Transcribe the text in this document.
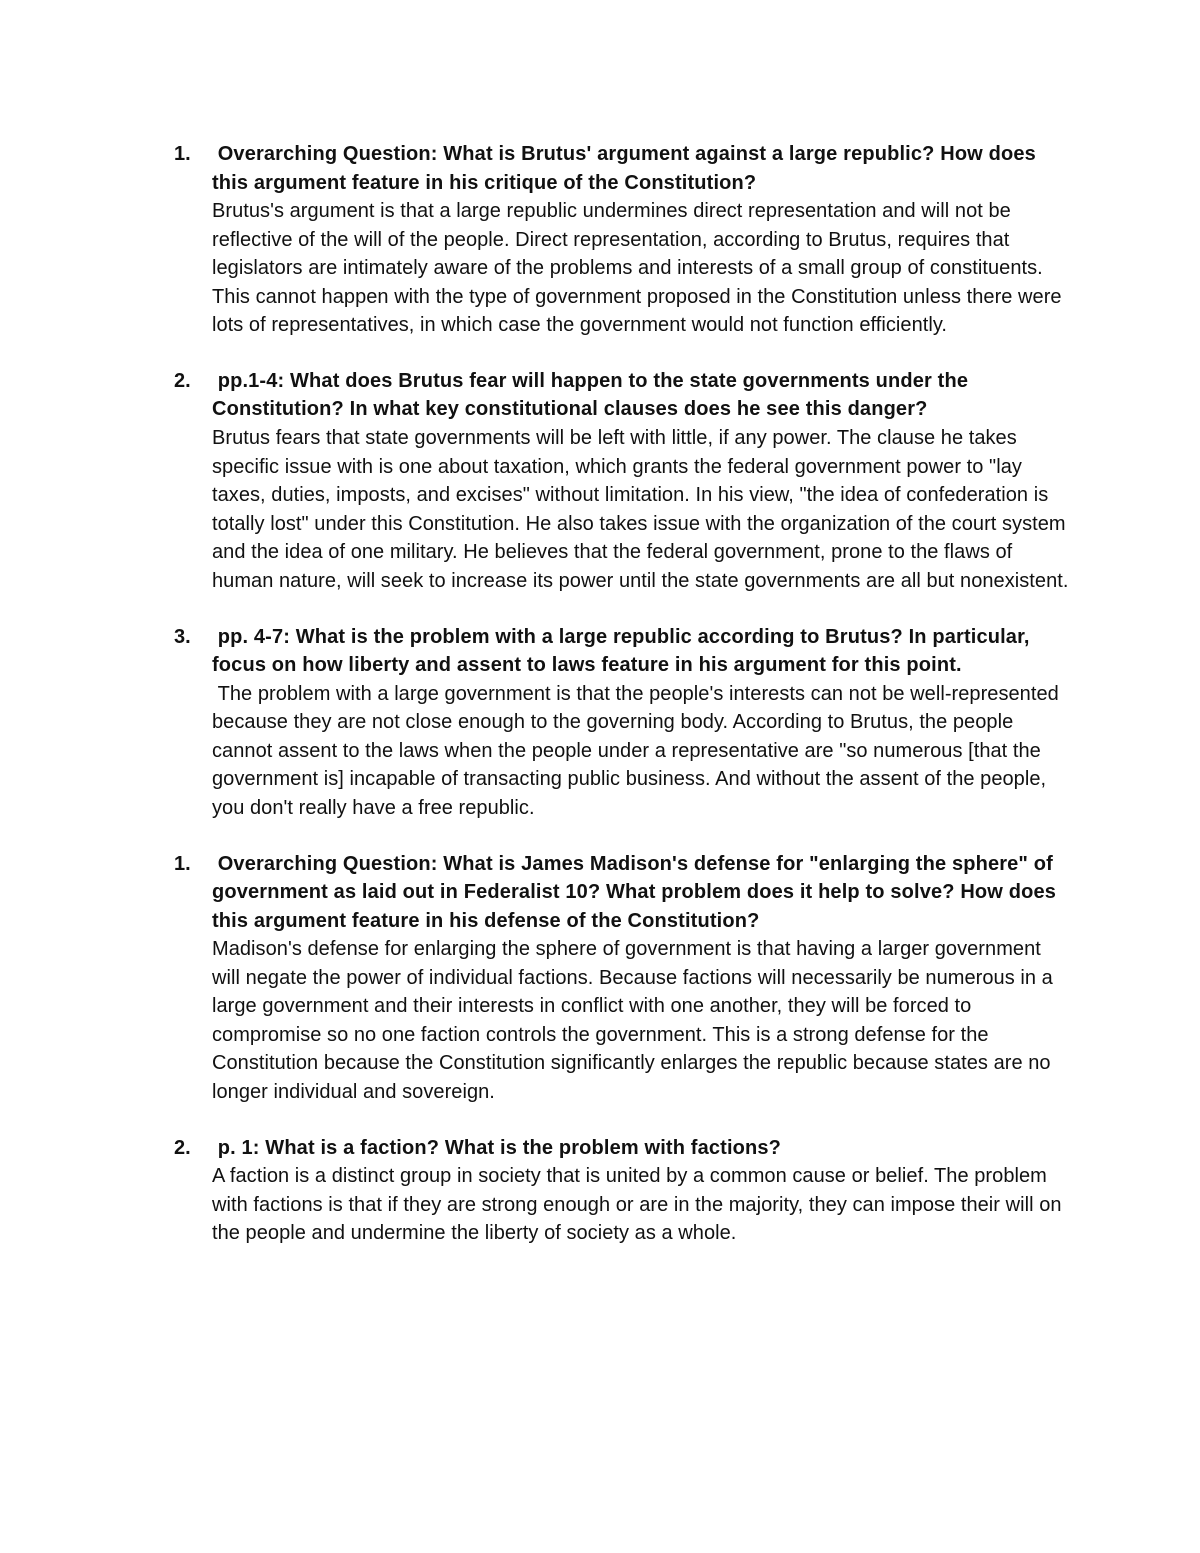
1. Overarching Question: What is Brutus' argument against a large republic? How does this argument feature in his critique of the Constitution?
Brutus's argument is that a large republic undermines direct representation and will not be reflective of the will of the people. Direct representation, according to Brutus, requires that legislators are intimately aware of the problems and interests of a small group of constituents. This cannot happen with the type of government proposed in the Constitution unless there were lots of representatives, in which case the government would not function efficiently.
2. pp.1-4: What does Brutus fear will happen to the state governments under the Constitution? In what key constitutional clauses does he see this danger?
Brutus fears that state governments will be left with little, if any power. The clause he takes specific issue with is one about taxation, which grants the federal government power to "lay taxes, duties, imposts, and excises" without limitation. In his view, "the idea of confederation is totally lost" under this Constitution. He also takes issue with the organization of the court system and the idea of one military. He believes that the federal government, prone to the flaws of human nature, will seek to increase its power until the state governments are all but nonexistent.
3. pp. 4-7: What is the problem with a large republic according to Brutus? In particular, focus on how liberty and assent to laws feature in his argument for this point.
The problem with a large government is that the people's interests can not be well-represented because they are not close enough to the governing body. According to Brutus, the people cannot assent to the laws when the people under a representative are "so numerous [that the government is] incapable of transacting public business. And without the assent of the people, you don't really have a free republic.
1. Overarching Question: What is James Madison's defense for "enlarging the sphere" of government as laid out in Federalist 10? What problem does it help to solve? How does this argument feature in his defense of the Constitution?
Madison's defense for enlarging the sphere of government is that having a larger government will negate the power of individual factions. Because factions will necessarily be numerous in a large government and their interests in conflict with one another, they will be forced to compromise so no one faction controls the government. This is a strong defense for the Constitution because the Constitution significantly enlarges the republic because states are no longer individual and sovereign.
2. p. 1: What is a faction? What is the problem with factions?
A faction is a distinct group in society that is united by a common cause or belief. The problem with factions is that if they are strong enough or are in the majority, they can impose their will on the people and undermine the liberty of society as a whole.
